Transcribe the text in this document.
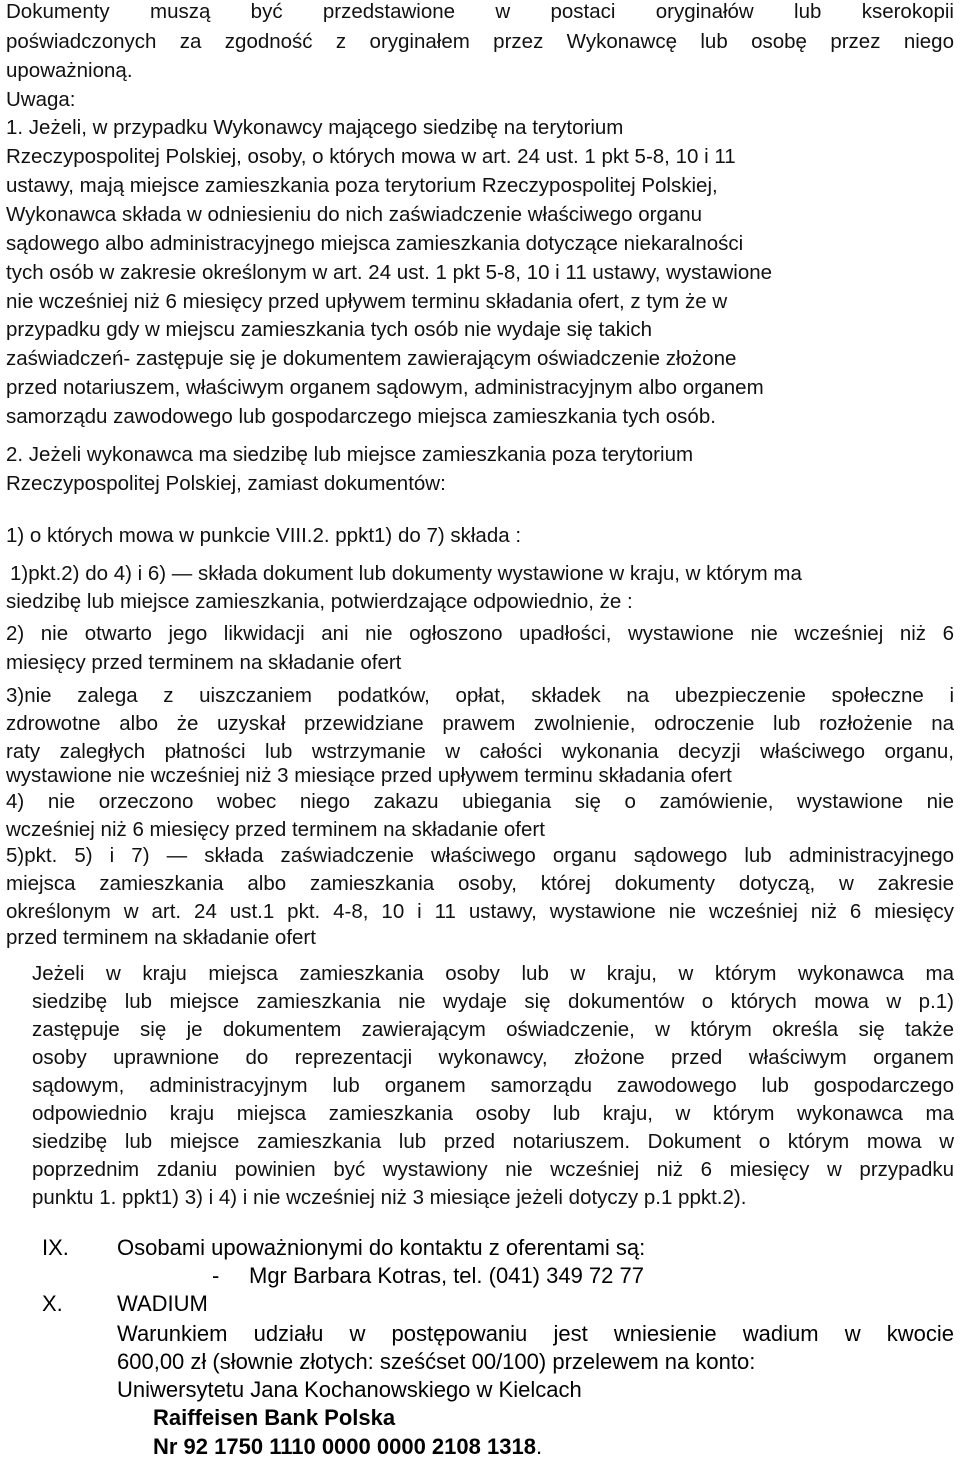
Dokumenty muszą być przedstawione w postaci oryginałów lub kserokopii
poświadczonych za zgodność z oryginałem przez Wykonawcę lub osobę przez niego
upoważnioną.
Uwaga:
1. Jeżeli, w przypadku Wykonawcy mającego siedzibę na terytorium
Rzeczypospolitej Polskiej, osoby, o których mowa w art. 24 ust. 1 pkt 5-8, 10 i 11
ustawy, mają miejsce zamieszkania poza terytorium Rzeczypospolitej Polskiej,
Wykonawca składa w odniesieniu do nich zaświadczenie właściwego organu
sądowego albo administracyjnego miejsca zamieszkania dotyczące niekaralności
tych osób w zakresie określonym w art. 24 ust. 1 pkt 5-8, 10 i 11 ustawy, wystawione
nie wcześniej niż 6 miesięcy przed upływem terminu składania ofert, z tym że w
przypadku gdy w miejscu zamieszkania tych osób nie wydaje się takich
zaświadczeń- zastępuje się je dokumentem zawierającym oświadczenie złożone
przed notariuszem, właściwym organem sądowym, administracyjnym albo organem
samorządu zawodowego lub gospodarczego miejsca zamieszkania tych osób.
2. Jeżeli wykonawca ma siedzibę lub miejsce zamieszkania poza terytorium
Rzeczypospolitej Polskiej, zamiast dokumentów:
1) o których mowa w punkcie VIII.2. ppkt1) do 7) składa :
1)pkt.2) do 4) i 6) ― składa dokument lub dokumenty wystawione w kraju, w którym ma
siedzibę lub miejsce zamieszkania, potwierdzające odpowiednio, że :
2) nie otwarto jego likwidacji ani nie ogłoszono upadłości, wystawione nie wcześniej niż 6
miesięcy przed terminem na składanie ofert
3)nie zalega z uiszczaniem podatków, opłat, składek na ubezpieczenie społeczne i
zdrowotne albo że uzyskał przewidziane prawem zwolnienie, odroczenie lub rozłożenie na
raty zaległych płatności lub wstrzymanie w całości wykonania decyzji właściwego organu,
wystawione nie wcześniej niż 3 miesiące przed upływem terminu składania ofert
4) nie orzeczono wobec niego zakazu ubiegania się o zamówienie, wystawione nie
wcześniej niż 6 miesięcy przed terminem na składanie ofert
5)pkt. 5) i 7) ― składa zaświadczenie właściwego organu sądowego lub administracyjnego
miejsca zamieszkania albo zamieszkania osoby, której dokumenty dotyczą, w zakresie
określonym w art. 24 ust.1 pkt. 4-8, 10 i 11 ustawy, wystawione nie wcześniej niż 6 miesięcy
przed terminem na składanie ofert
Jeżeli w kraju miejsca zamieszkania osoby lub w kraju, w którym wykonawca ma
siedzibę lub miejsce zamieszkania nie wydaje się dokumentów o których mowa w p.1)
zastępuje się je dokumentem zawierającym oświadczenie, w którym określa się także
osoby uprawnione do reprezentacji wykonawcy, złożone przed właściwym organem
sądowym, administracyjnym lub organem samorządu zawodowego lub gospodarczego
odpowiednio kraju miejsca zamieszkania osoby lub kraju, w którym wykonawca ma
siedzibę lub miejsce zamieszkania lub przed notariuszem. Dokument o którym mowa w
poprzednim zdaniu powinien być wystawiony nie wcześniej niż 6 miesięcy w przypadku
punktu 1. ppkt1) 3) i 4) i nie wcześniej niż 3 miesiące jeżeli dotyczy p.1 ppkt.2).
IX. Osobami upoważnionymi do kontaktu z oferentami są:
- Mgr Barbara Kotras, tel. (041) 349 72 77
X. WADIUM
Warunkiem udziału w postępowaniu jest wniesienie wadium w kwocie
600,00 zł (słownie złotych: sześćset 00/100) przelewem na konto:
Uniwersytetu Jana Kochanowskiego w Kielcach
Raiffeisen Bank Polska
Nr 92 1750 1110 0000 0000 2108 1318.
